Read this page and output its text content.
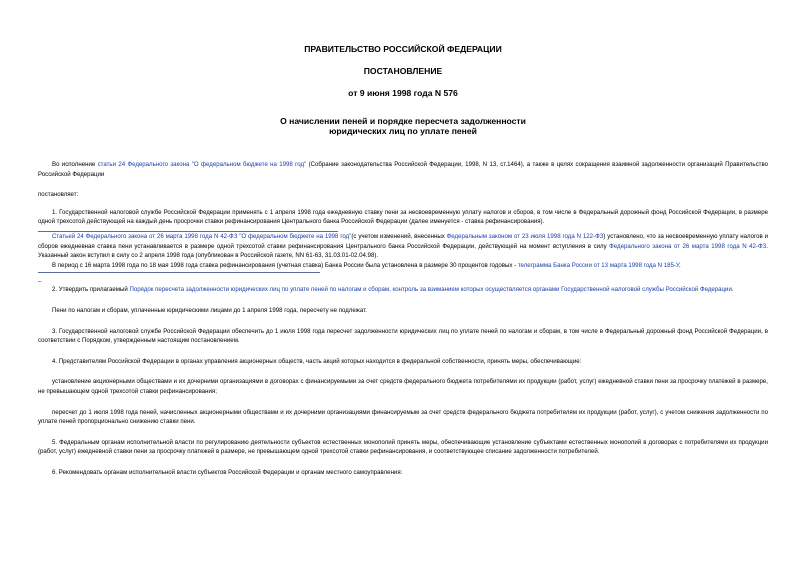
ПРАВИТЕЛЬСТВО РОССИЙСКОЙ ФЕДЕРАЦИИ
ПОСТАНОВЛЕНИЕ
от 9 июня 1998 года N 576
О начислении пеней и порядке пересчета задолженности
юридических лиц по уплате пеней

Во исполнение статьи 24 Федерального закона "О федеральном бюджете на 1998 год" (Собрание законодательства Российской Федерации, 1998, N 13, ст.1464), а также в целях сокращения взаимной задолженности организаций Правительство Российской Федерации

постановляет:

1. Государственной налоговой службе Российской Федерации применять с 1 апреля 1998 года ежедневную ставку пени за несвоевременную уплату налогов и сборов, в том числе в Федеральный дорожный фонд Российской Федерации, в размере одной трехсотой действующей на каждый день просрочки ставки рефинансирования Центрального банка Российской Федерации (далее именуется - ставка рефинансирования).

Статьей 24 Федерального закона от 26 марта 1998 года N 42-ФЗ "О федеральном бюджете на 1998 год"(с учетом изменений, внесенных Федеральным законом от 23 июля 1998 года N 122-ФЗ) установлено, что за несвоевременную уплату налогов и сборов ежедневная ставка пени устанавливается в размере одной трехсотой ставки рефинансирования Центрального банка Российской Федерации, действующей на момент вступления в силу Федерального закона от 26 марта 1998 года N 42-ФЗ. Указанный закон вступил в силу со 2 апреля 1998 года (опубликован в Российской газете, NN 61-63, 31.03.01-02.04.98).

В период с 16 марта 1998 года по 18 мая 1998 года ставка рефинансирования (учетная ставка) Банка России была установлена в размере 30 процентов годовых - телеграмма Банка России от 13 марта 1998 года N 185-У.

_

2. Утвердить прилагаемый Порядок пересчета задолженности юридических лиц по уплате пеней по налогам и сборам, контроль за взиманием которых осуществляется органами Государственной налоговой службы Российской Федерации.

Пени по налогам и сборам, уплаченные юридическими лицами до 1 апреля 1998 года, пересчету не подлежат.

3. Государственной налоговой службе Российской Федерации обеспечить до 1 июля 1998 года пересчет задолженности юридических лиц по уплате пеней по налогам и сборам, в том числе в Федеральный дорожный фонд Российской Федерации, в соответствии с Порядком, утвержденным настоящим постановлением.

4. Представителям Российской Федерации в органах управления акционерных обществ, часть акций которых находится в федеральной собственности, принять меры, обеспечивающие:

установление акционерными обществами и их дочерними организациями в договорах с финансируемыми за счет средств федерального бюджета потребителями их продукции (работ, услуг) ежедневной ставки пени за просрочку платежей в размере, не превышающем одной трехсотой ставки рефинансирования;

пересчет до 1 июля 1998 года пеней, начисленных акционерными обществами и их дочерними организациями финансируемым за счет средств федерального бюджета потребителям их продукции (работ, услуг), с учетом снижения задолженности по уплате пеней пропорционально снижению ставки пени.

5. Федеральным органам исполнительной власти по регулированию деятельности субъектов естественных монополий принять меры, обеспечивающие установление субъектами естественных монополий в договорах с потребителями их продукции (работ, услуг) ежедневной ставки пени за просрочку платежей в размере, не превышающем одной трехсотой ставки рефинансирования, и соответствующее списание задолженности потребителей.

6. Рекомендовать органам исполнительной власти субъектов Российской Федерации и органам местного самоуправления:
